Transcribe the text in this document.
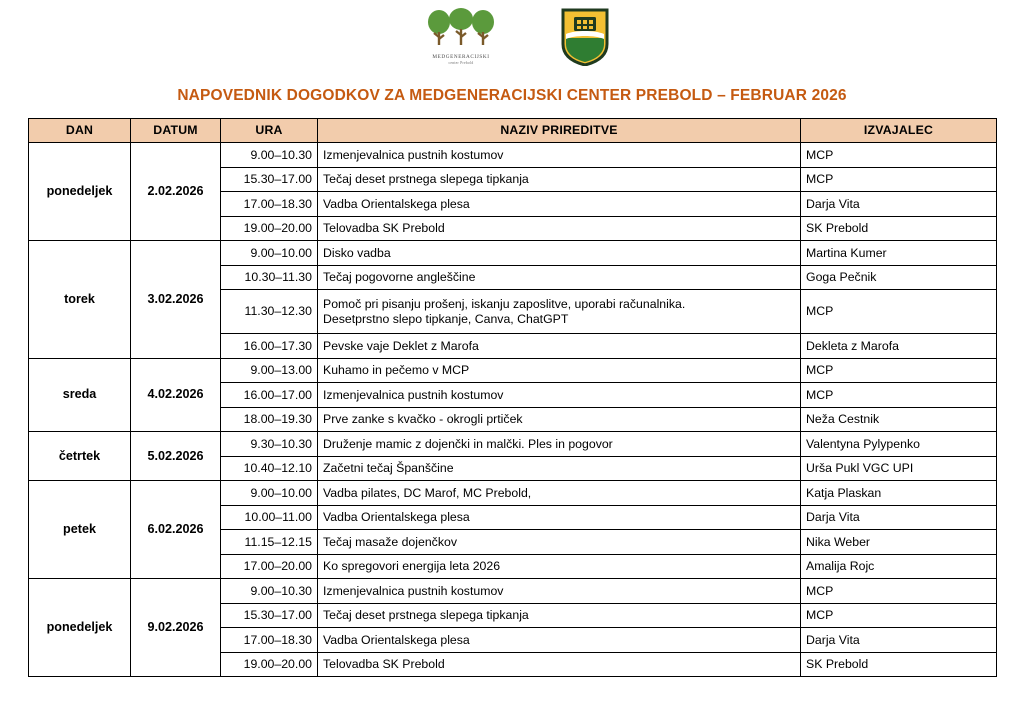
MEDGENERACIJSKI
center Prebold
NAPOVEDNIK DOGODKOV ZA MEDGENERACIJSKI CENTER PREBOLD – FEBRUAR 2026
DAN	DATUM	URA	NAZIV PRIREDITVE	IZVAJALEC
ponedeljek	2.02.2026	9.00–10.30	Izmenjevalnica pustnih kostumov	MCP
		15.30–17.00	Tečaj deset prstnega slepega tipkanja	MCP
		17.00–18.30	Vadba Orientalskega plesa	Darja Vita
		19.00–20.00	Telovadba SK Prebold	SK Prebold
torek	3.02.2026	9.00–10.00	Disko vadba	Martina Kumer
		10.30–11.30	Tečaj pogovorne angleščine	Goga Pečnik
		11.30–12.30	Pomoč pri pisanju prošenj, iskanju zaposlitve, uporabi računalnika.
Desetprstno slepo tipkanje, Canva, ChatGPT	MCP
		16.00–17.30	Pevske vaje Deklet z Marofa	Dekleta z Marofa
sreda	4.02.2026	9.00–13.00	Kuhamo in pečemo v MCP	MCP
		16.00–17.00	Izmenjevalnica pustnih kostumov	MCP
		18.00–19.30	Prve zanke s kvačko - okrogli prtiček	Neža Cestnik
četrtek	5.02.2026	9.30–10.30	Druženje mamic z dojenčki in malčki. Ples in pogovor	Valentyna Pylypenko
		10.40–12.10	Začetni tečaj Španščine	Urša Pukl VGC UPI
petek	6.02.2026	9.00–10.00	Vadba pilates, DC Marof, MC Prebold,	Katja Plaskan
		10.00–11.00	Vadba Orientalskega plesa	Darja Vita
		11.15–12.15	Tečaj masaže dojenčkov	Nika Weber
		17.00–20.00	Ko spregovori energija leta 2026	Amalija Rojc
ponedeljek	9.02.2026	9.00–10.30	Izmenjevalnica pustnih kostumov	MCP
		15.30–17.00	Tečaj deset prstnega slepega tipkanja	MCP
		17.00–18.30	Vadba Orientalskega plesa	Darja Vita
		19.00–20.00	Telovadba SK Prebold	SK Prebold
